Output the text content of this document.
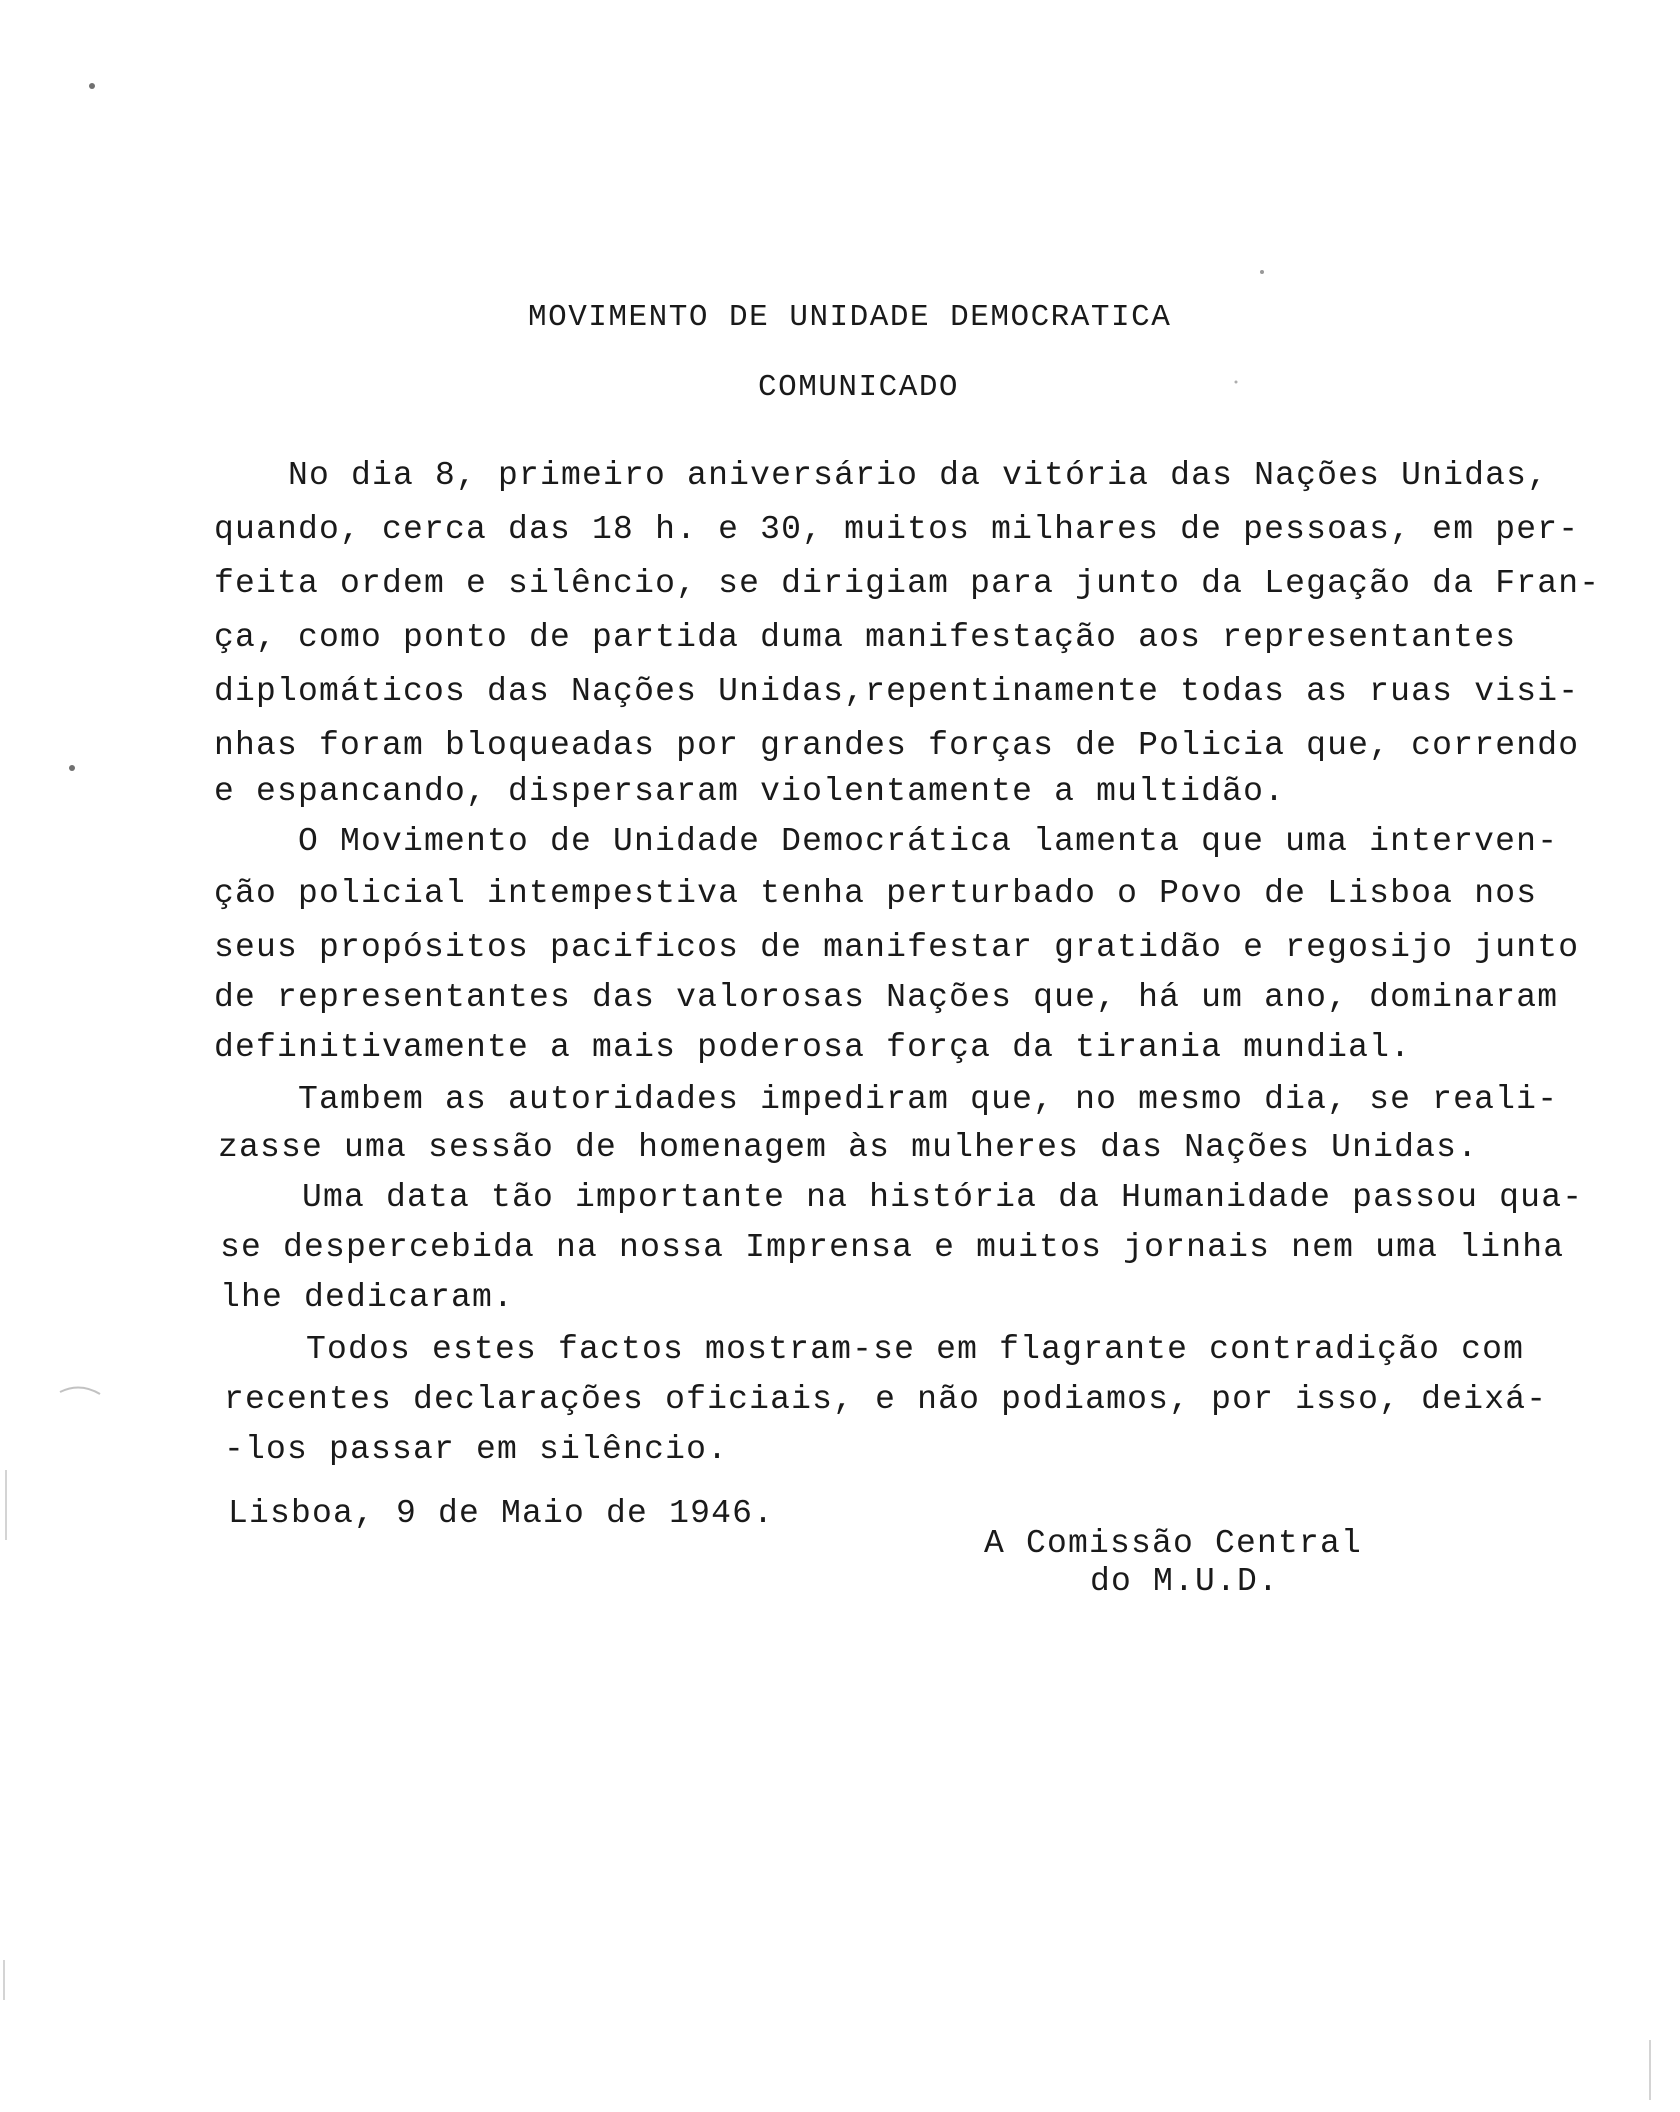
MOVIMENTO DE UNIDADE DEMOCRATICA
COMUNICADO
No dia 8, primeiro aniversário da vitória das Nações Unidas,
quando, cerca das 18 h. e 30, muitos milhares de pessoas, em per-
feita ordem e silêncio, se dirigiam para junto da Legação da Fran-
ça, como ponto de partida duma manifestação aos representantes
diplomáticos das Nações Unidas,repentinamente todas as ruas visi-
nhas foram bloqueadas por grandes forças de Policia que, correndo
e espancando, dispersaram violentamente a multidão.
O Movimento de Unidade Democrática lamenta que uma interven-
ção policial intempestiva tenha perturbado o Povo de Lisboa nos
seus propósitos pacificos de manifestar gratidão e regosijo junto
de representantes das valorosas Nações que, há um ano, dominaram
definitivamente a mais poderosa força da tirania mundial.
Tambem as autoridades impediram que, no mesmo dia, se reali-
zasse uma sessão de homenagem às mulheres das Nações Unidas.
Uma data tão importante na história da Humanidade passou qua-
se despercebida na nossa Imprensa e muitos jornais nem uma linha
lhe dedicaram.
Todos estes factos mostram-se em flagrante contradição com
recentes declarações oficiais, e não podiamos, por isso, deixá-
-los passar em silêncio.
Lisboa, 9 de Maio de 1946.
A Comissão Central
do M.U.D.
